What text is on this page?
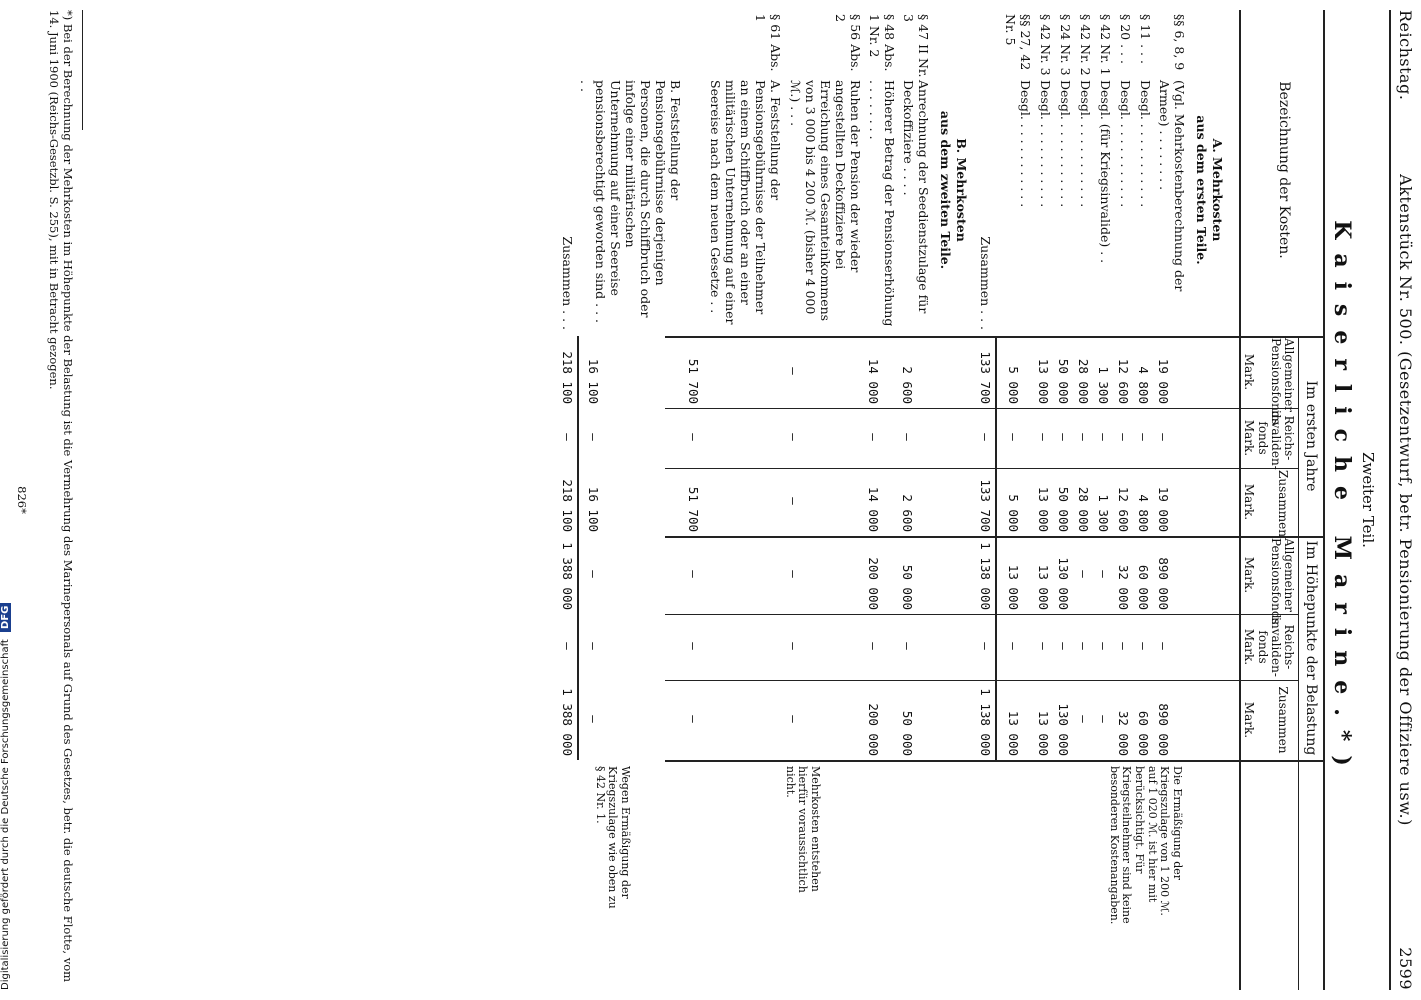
Reichstag.
Aktenstück Nr. 500. (Gesetzentwurf, betr. Pensionierung der Offiziere usw.)
2599
Zweiter Teil.
Kaiserliche Marine.*)
Bezeichnung der Kosten.
Im ersten Jahre
Im Höhepunkte der Belastung
Allgemeiner Pensionsfonds
Reichs-invaliden-fonds
Zusammen
Allgemeiner Pensionsfonds
Reichs-invaliden-fonds
Zusammen
Mark.
Mark.
Mark.
Mark.
Mark.
Mark.
A. Mehrkosten
aus dem ersten Teile.
§§ 6, 8, 9
(Vgl. Mehrkostenberechnung der Armee) . . . . . . . .
19 000
—
19 000
890 000
—
890 000
§ 11 . . .
Desgl. . . . . . . . . . . .
4 800
—
4 800
60 000
—
60 000
§ 20 . . .
Desgl. . . . . . . . . . . .
12 600
—
12 600
32 000
—
32 000
§ 42 Nr. 1
Desgl. (für Kriegsinvalide) . .
1 300
—
1 300
—
—
—
§ 42 Nr. 2
Desgl. . . . . . . . . . . .
28 000
—
28 000
—
—
—
§ 24 Nr. 3
Desgl. . . . . . . . . . . .
50 000
—
50 000
130 000
—
130 000
§ 42 Nr. 3
Desgl. . . . . . . . . . . .
13 000
—
13 000
13 000
—
13 000
§§ 27, 42 Nr. 5
Desgl. . . . . . . . . . . .
5 000
—
5 000
13 000
—
13 000
Zusammen . . .
133 700
—
133 700
1 138 000
—
1 138 000
Die Ermäßigung der Kriegszulage von 1 200 ℳ. auf 1 020 ℳ. ist hier mit berücksichtigt. Für Kriegsteilnehmer sind keine besonderen Kostenangaben.
B. Mehrkosten
aus dem zweiten Teile.
§ 47 II Nr. 3
Anrechnung der Seedienstzulage für Deckoffiziere . . . .
2 600
—
2 600
50 000
—
50 000
§ 48 Abs. 1 Nr. 2
Höherer Betrag der Pensionserhöhung . . . . . . . .
14 000
—
14 000
200 000
—
200 000
§ 56 Abs. 2
Ruhen der Pension der wieder angestellten Deckoffiziere bei Erreichung eines Gesamteinkommens von 3 000 bis 4 200 ℳ. (bisher 4 000 ℳ.) . . .
—
—
—
—
—
—
§ 61 Abs. 1
A. Feststellung der Pensionsgebührnisse der Teilnehmer an einem Schiffbruch oder an einer militärischen Unternehmung auf einer Seereise nach dem neuen Gesetze . .
51 700
—
51 700
—
—
—
B. Feststellung der Pensionsgebührnisse derjenigen Personen, die durch Schiffbruch oder infolge einer militärischen Unternehmung auf einer Seereise pensionsberechtigt geworden sind . . . . .
16 100
—
16 100
—
—
—
Zusammen . . .
218 100
—
218 100
1 388 000
—
1 388 000
Mehrkosten entstehen hierfür voraussichtlich nicht.
Wegen Ermäßigung der Kriegszulage wie oben zu § 42 Nr. 1.
*) Bei der Berechnung der Mehrkosten im Höhepunkte der Belastung ist die Vermehrung des Marinepersonals auf Grund des Gesetzes, betr. die deutsche Flotte, vom 14. Juni 1900 (Reichs-Gesetzbl. S. 255), mit in Betracht gezogen.
826*
Digitalisierung gefördert durch die Deutsche Forschungsgemeinschaft DFG
